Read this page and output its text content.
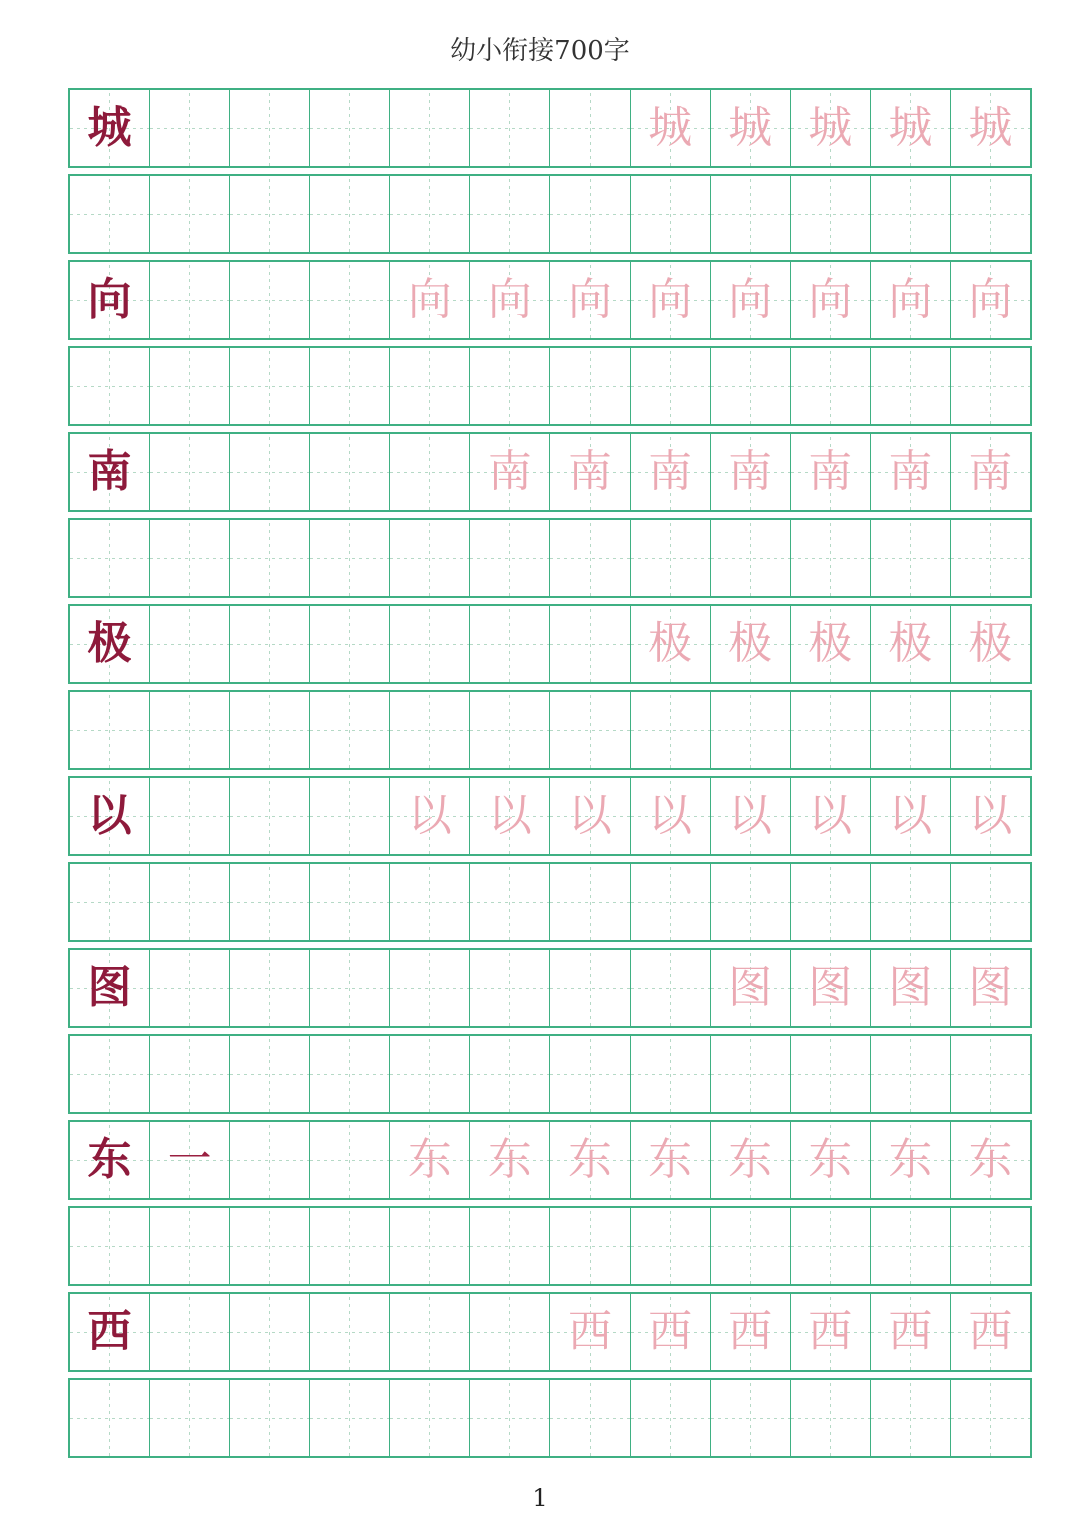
幼小衔接700字
城	城 城 城 城 城
向	向 向 向 向 向 向 向 向
南	南 南 南 南 南 南 南
极	极 极 极 极 极
以	以 以 以 以 以 以 以 以
图	图 图 图 图
东 一	东 东 东 东 东 东 东 东
西	西 西 西 西 西 西
1
